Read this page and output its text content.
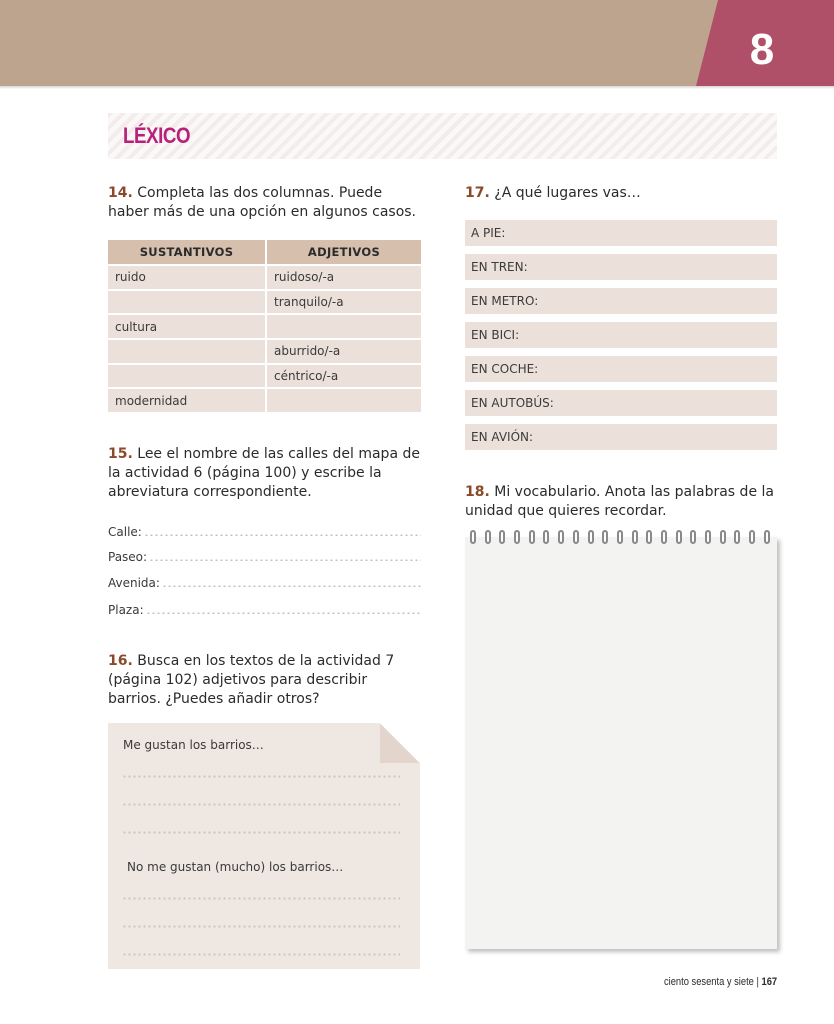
8
LÉXICO
14. Completa las dos columnas. Puede haber más de una opción en algunos casos.
SUSTANTIVOS	ADJETIVOS
ruido	ruidoso/-a
	tranquilo/-a
cultura	
	aburrido/-a
	céntrico/-a
modernidad	
15. Lee el nombre de las calles del mapa de la actividad 6 (página 100) y escribe la abreviatura correspondiente.
Calle:
Paseo:
Avenida:
Plaza:
16. Busca en los textos de la actividad 7 (página 102) adjetivos para describir barrios. ¿Puedes añadir otros?
Me gustan los barrios…
No me gustan (mucho) los barrios…
17. ¿A qué lugares vas…
A PIE:
EN TREN:
EN METRO:
EN BICI:
EN COCHE:
EN AUTOBÚS:
EN AVIÓN:
18. Mi vocabulario. Anota las palabras de la unidad que quieres recordar.
ciento sesenta y siete | 167
